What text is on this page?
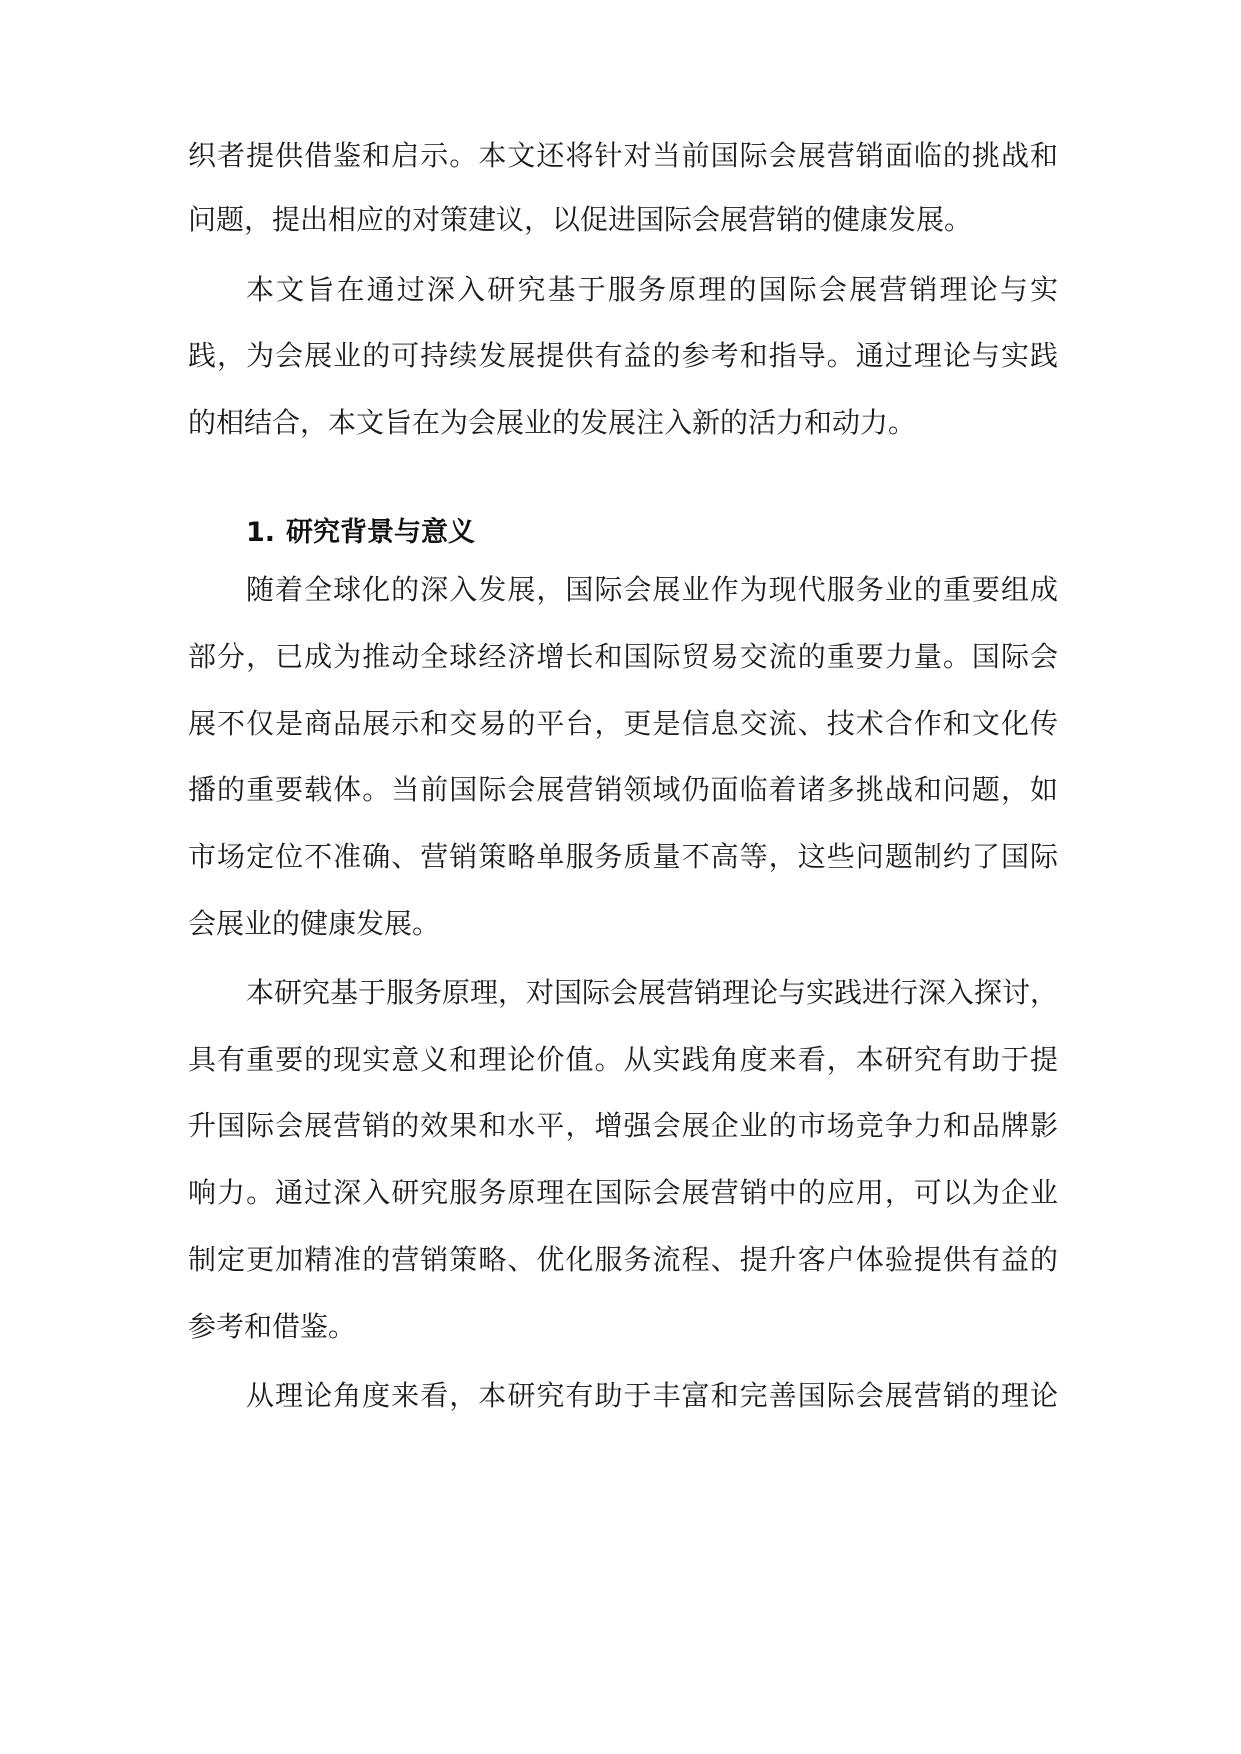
织者提供借鉴和启示。本文还将针对当前国际会展营销面临的挑战和
问题，提出相应的对策建议，以促进国际会展营销的健康发展。
本文旨在通过深入研究基于服务原理的国际会展营销理论与实
践，为会展业的可持续发展提供有益的参考和指导。通过理论与实践
的相结合，本文旨在为会展业的发展注入新的活力和动力。
1. 研究背景与意义
随着全球化的深入发展，国际会展业作为现代服务业的重要组成
部分，已成为推动全球经济增长和国际贸易交流的重要力量。国际会
展不仅是商品展示和交易的平台，更是信息交流、技术合作和文化传
播的重要载体。当前国际会展营销领域仍面临着诸多挑战和问题，如
市场定位不准确、营销策略单服务质量不高等，这些问题制约了国际
会展业的健康发展。
本研究基于服务原理，对国际会展营销理论与实践进行深入探讨，
具有重要的现实意义和理论价值。从实践角度来看，本研究有助于提
升国际会展营销的效果和水平，增强会展企业的市场竞争力和品牌影
响力。通过深入研究服务原理在国际会展营销中的应用，可以为企业
制定更加精准的营销策略、优化服务流程、提升客户体验提供有益的
参考和借鉴。
从理论角度来看，本研究有助于丰富和完善国际会展营销的理论
